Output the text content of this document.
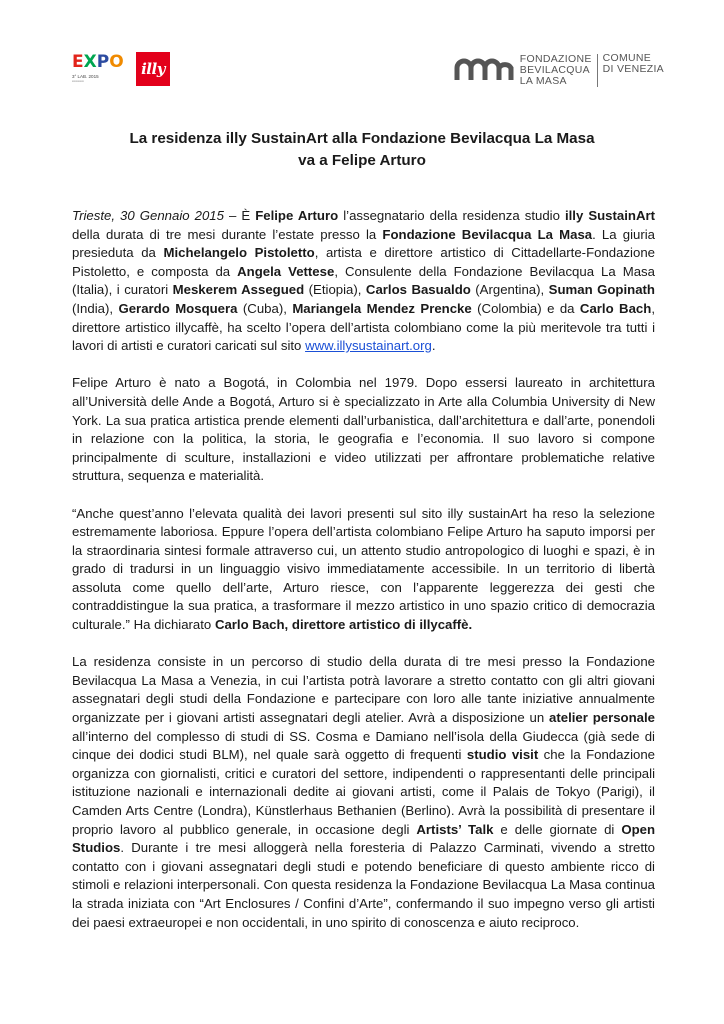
EXPO
3° LAB. 2015
▪▪▪▪▪▪▪▪▪▪▪
illy
FONDAZIONE
BEVILACQUA
LA MASA
COMUNE
DI VENEZIA
La residenza illy SustainArt alla Fondazione Bevilacqua La Masa
va a Felipe Arturo

Trieste, 30 Gennaio 2015 – È Felipe Arturo l’assegnatario della residenza studio illy SustainArt della durata di tre mesi durante l’estate presso la Fondazione Bevilacqua La Masa. La giuria presieduta da Michelangelo Pistoletto, artista e direttore artistico di Cittadellarte-Fondazione Pistoletto, e composta da Angela Vettese, Consulente della Fondazione Bevilacqua La Masa (Italia), i curatori Meskerem Assegued (Etiopia), Carlos Basualdo (Argentina), Suman Gopinath (India), Gerardo Mosquera (Cuba), Mariangela Mendez Prencke (Colombia) e da Carlo Bach, direttore artistico illycaffè, ha scelto l’opera dell’artista colombiano come la più meritevole tra tutti i lavori di artisti e curatori caricati sul sito www.illysustainart.org.

Felipe Arturo è nato a Bogotá, in Colombia nel 1979. Dopo essersi laureato in architettura all’Università delle Ande a Bogotá, Arturo si è specializzato in Arte alla Columbia University di New York. La sua pratica artistica prende elementi dall’urbanistica, dall’architettura e dall’arte, ponendoli in relazione con la politica, la storia, le geografia e l’economia. Il suo lavoro si compone principalmente di sculture, installazioni e video utilizzati per affrontare problematiche relative struttura, sequenza e materialità.

“Anche quest’anno l’elevata qualità dei lavori presenti sul sito illy sustainArt ha reso la selezione estremamente laboriosa. Eppure l’opera dell’artista colombiano Felipe Arturo ha saputo imporsi per la straordinaria sintesi formale attraverso cui, un attento studio antropologico di luoghi e spazi, è in grado di tradursi in un linguaggio visivo immediatamente accessibile. In un territorio di libertà assoluta come quello dell’arte, Arturo riesce, con l’apparente leggerezza dei gesti che contraddistingue la sua pratica, a trasformare il mezzo artistico in uno spazio critico di democrazia culturale.” Ha dichiarato Carlo Bach, direttore artistico di illycaffè.

La residenza consiste in un percorso di studio della durata di tre mesi presso la Fondazione Bevilacqua La Masa a Venezia, in cui l’artista potrà lavorare a stretto contatto con gli altri giovani assegnatari degli studi della Fondazione e partecipare con loro alle tante iniziative annualmente organizzate per i giovani artisti assegnatari degli atelier. Avrà a disposizione un atelier personale all’interno del complesso di studi di SS. Cosma e Damiano nell’isola della Giudecca (già sede di cinque dei dodici studi BLM), nel quale sarà oggetto di frequenti studio visit che la Fondazione organizza con giornalisti, critici e curatori del settore, indipendenti o rappresentanti delle principali istituzione nazionali e internazionali dedite ai giovani artisti, come il Palais de Tokyo (Parigi), il Camden Arts Centre (Londra), Künstlerhaus Bethanien (Berlino). Avrà la possibilità di presentare il proprio lavoro al pubblico generale, in occasione degli Artists’ Talk e delle giornate di Open Studios. Durante i tre mesi alloggerà nella foresteria di Palazzo Carminati, vivendo a stretto contatto con i giovani assegnatari degli studi e potendo beneficiare di questo ambiente ricco di stimoli e relazioni interpersonali. Con questa residenza la Fondazione Bevilacqua La Masa continua la strada iniziata con “Art Enclosures / Confini d’Arte”, confermando il suo impegno verso gli artisti dei paesi extraeuropei e non occidentali, in uno spirito di conoscenza e aiuto reciproco.
